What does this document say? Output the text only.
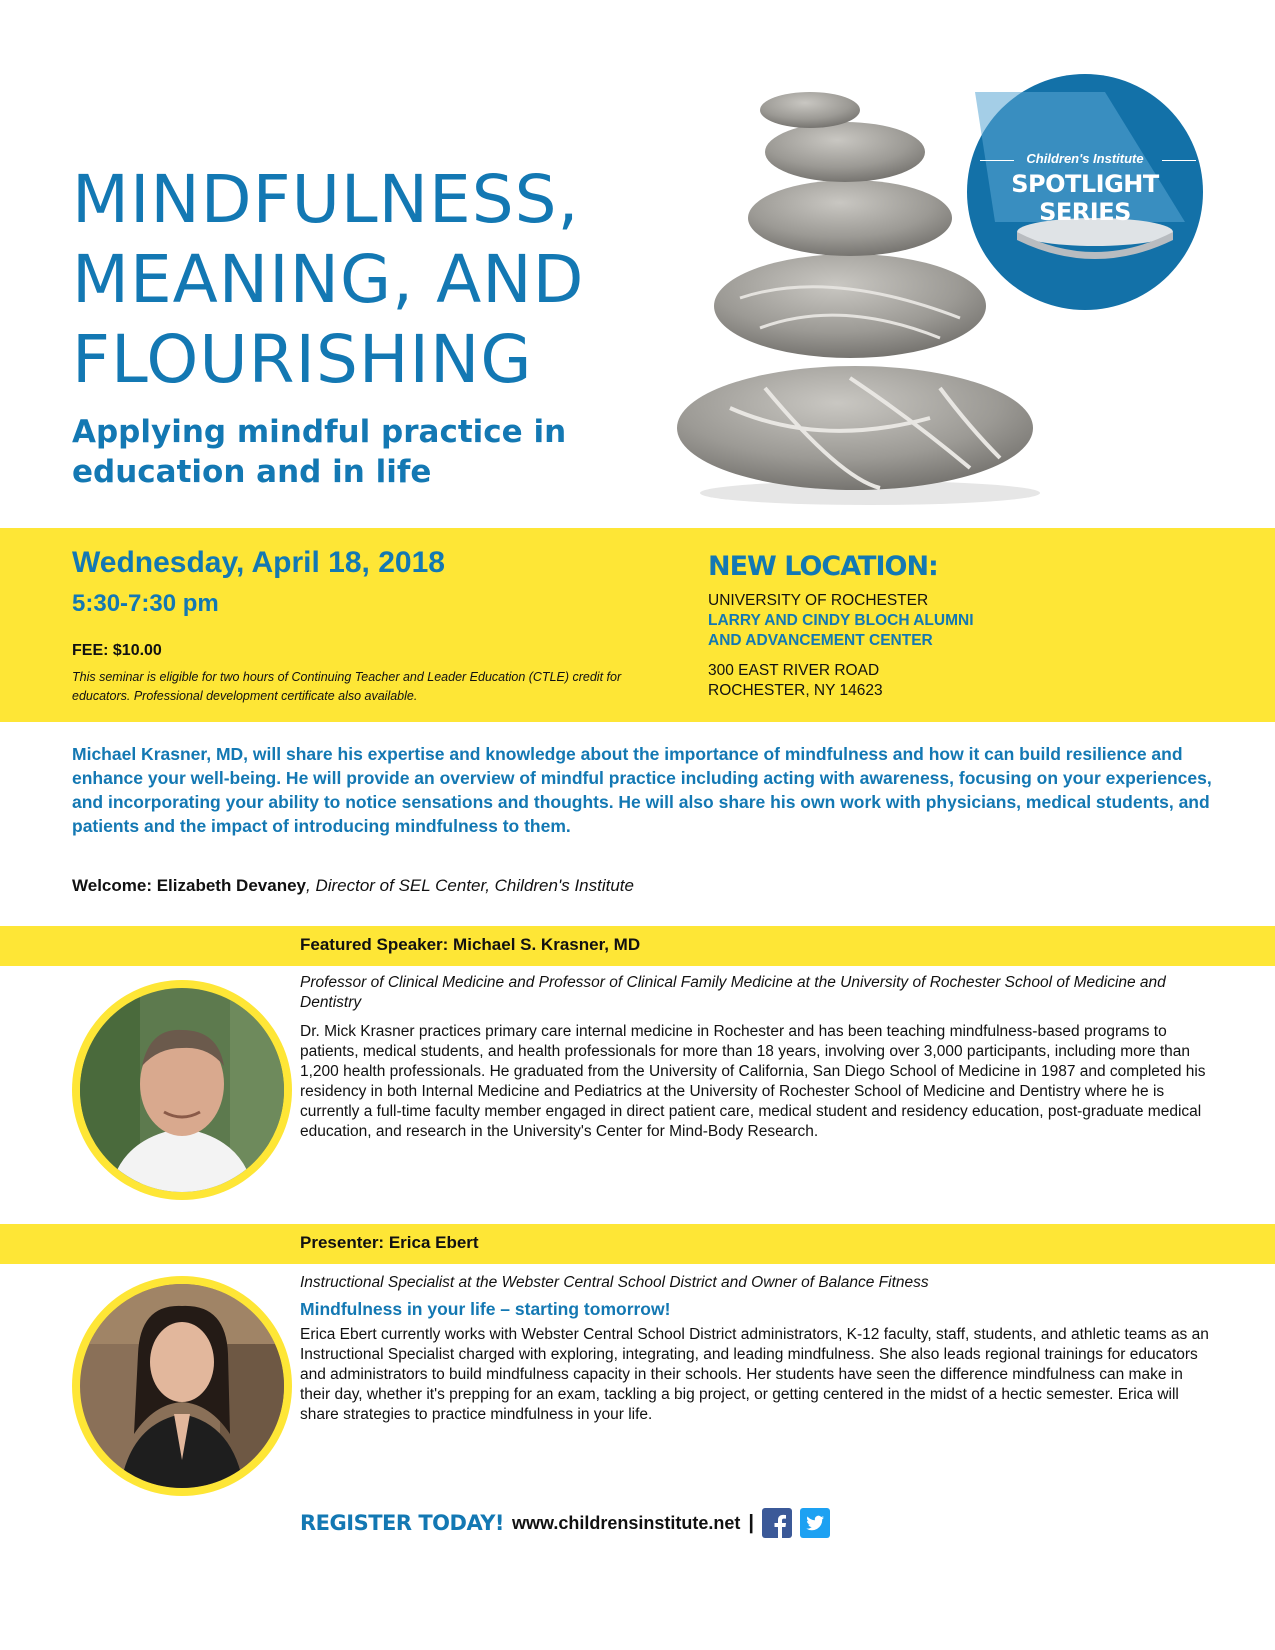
MINDFULNESS,
MEANING, AND
FLOURISHING
Applying mindful practice in education and in life
Children's Institute
SPOTLIGHT SERIES
Wednesday, April 18, 2018
5:30-7:30 pm
FEE: $10.00
This seminar is eligible for two hours of Continuing Teacher and Leader Education (CTLE) credit for educators. Professional development certificate also available.
NEW LOCATION:
UNIVERSITY OF ROCHESTER
LARRY AND CINDY BLOCH ALUMNI
AND ADVANCEMENT CENTER
300 EAST RIVER ROAD
ROCHESTER, NY 14623
Michael Krasner, MD, will share his expertise and knowledge about the importance of mindfulness and how it can build resilience and enhance your well-being. He will provide an overview of mindful practice including acting with awareness, focusing on your experiences, and incorporating your ability to notice sensations and thoughts. He will also share his own work with physicians, medical students, and patients and the impact of introducing mindfulness to them.
Welcome: Elizabeth Devaney, Director of SEL Center, Children's Institute
Featured Speaker: Michael S. Krasner, MD
Professor of Clinical Medicine and Professor of Clinical Family Medicine at the University of Rochester School of Medicine and Dentistry
Dr. Mick Krasner practices primary care internal medicine in Rochester and has been teaching mindfulness-based programs to patients, medical students, and health professionals for more than 18 years, involving over 3,000 participants, including more than 1,200 health professionals. He graduated from the University of California, San Diego School of Medicine in 1987 and completed his residency in both Internal Medicine and Pediatrics at the University of Rochester School of Medicine and Dentistry where he is currently a full-time faculty member engaged in direct patient care, medical student and residency education, post-graduate medical education, and research in the University's Center for Mind-Body Research.
Presenter: Erica Ebert
Instructional Specialist at the Webster Central School District and Owner of Balance Fitness
Mindfulness in your life – starting tomorrow!
Erica Ebert currently works with Webster Central School District administrators, K-12 faculty, staff, students, and athletic teams as an Instructional Specialist charged with exploring, integrating, and leading mindfulness. She also leads regional trainings for educators and administrators to build mindfulness capacity in their schools. Her students have seen the difference mindfulness can make in their day, whether it's prepping for an exam, tackling a big project, or getting centered in the midst of a hectic semester. Erica will share strategies to practice mindfulness in your life.
REGISTER TODAY! www.childrensinstitute.net |
